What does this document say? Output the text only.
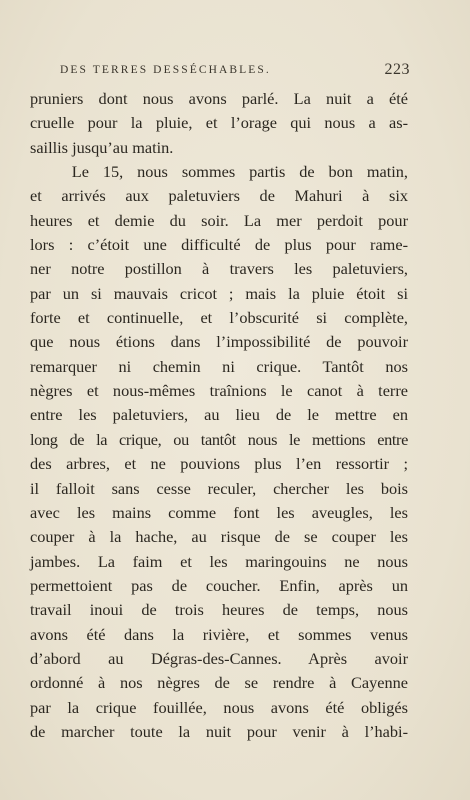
DES TERRES DESSÉCHABLES.	223
pruniers dont nous avons parlé. La nuit a été
cruelle pour la pluie, et l’orage qui nous a as-
saillis jusqu’au matin.
Le 15, nous sommes partis de bon matin,
et arrivés aux paletuviers de Mahuri à six
heures et demie du soir. La mer perdoit pour
lors : c’étoit une difficulté de plus pour rame-
ner notre postillon à travers les paletuviers,
par un si mauvais cricot ; mais la pluie étoit si
forte et continuelle, et l’obscurité si complète,
que nous étions dans l’impossibilité de pouvoir
remarquer ni chemin ni crique. Tantôt nos
nègres et nous-mêmes traînions le canot à terre
entre les paletuviers, au lieu de le mettre en
long de la crique, ou tantôt nous le mettions entre
des arbres, et ne pouvions plus l’en ressortir ;
il falloit sans cesse reculer, chercher les bois
avec les mains comme font les aveugles, les
couper à la hache, au risque de se couper les
jambes. La faim et les maringouins ne nous
permettoient pas de coucher. Enfin, après un
travail inoui de trois heures de temps, nous
avons été dans la rivière, et sommes venus
d’abord au Dégras-des-Cannes. Après avoir
ordonné à nos nègres de se rendre à Cayenne
par la crique fouillée, nous avons été obligés
de marcher toute la nuit pour venir à l’habi-
